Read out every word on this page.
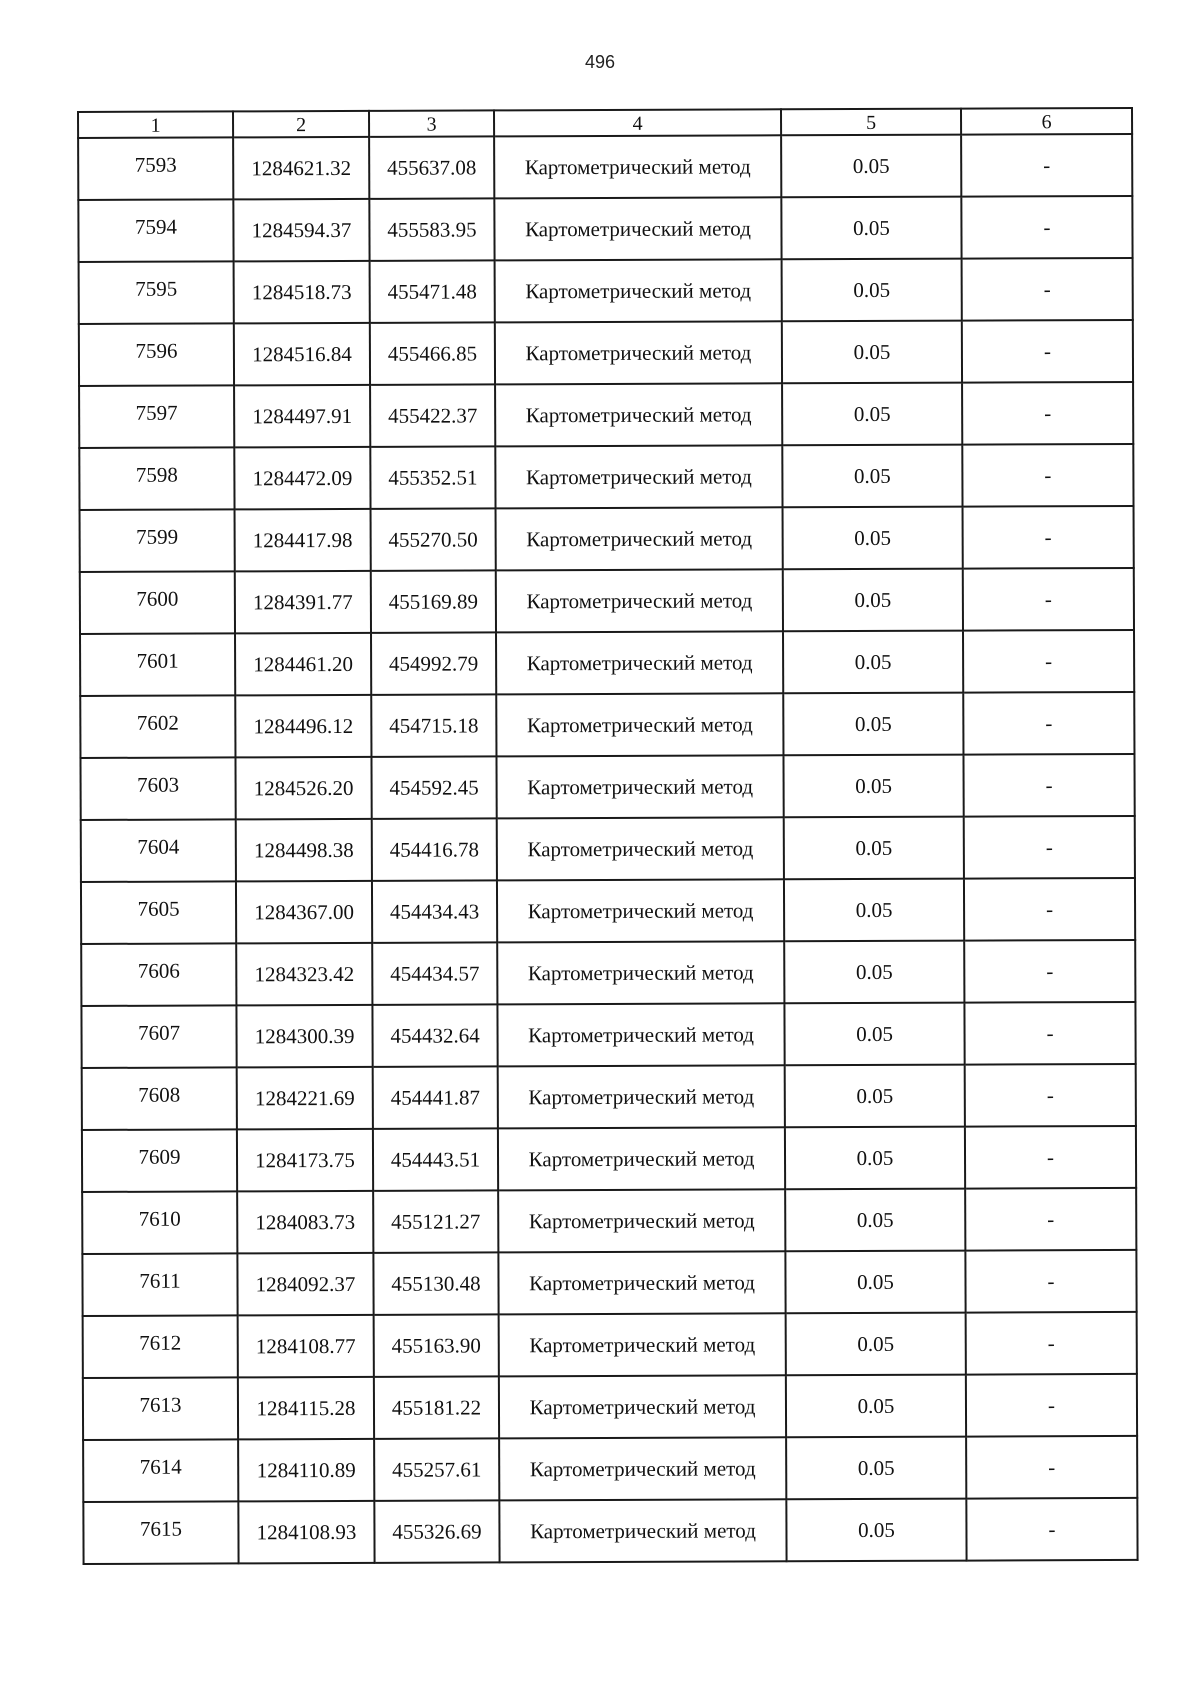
496
1	2	3	4	5	6
7593	1284621.32	455637.08	Картометрический метод	0.05	-
7594	1284594.37	455583.95	Картометрический метод	0.05	-
7595	1284518.73	455471.48	Картометрический метод	0.05	-
7596	1284516.84	455466.85	Картометрический метод	0.05	-
7597	1284497.91	455422.37	Картометрический метод	0.05	-
7598	1284472.09	455352.51	Картометрический метод	0.05	-
7599	1284417.98	455270.50	Картометрический метод	0.05	-
7600	1284391.77	455169.89	Картометрический метод	0.05	-
7601	1284461.20	454992.79	Картометрический метод	0.05	-
7602	1284496.12	454715.18	Картометрический метод	0.05	-
7603	1284526.20	454592.45	Картометрический метод	0.05	-
7604	1284498.38	454416.78	Картометрический метод	0.05	-
7605	1284367.00	454434.43	Картометрический метод	0.05	-
7606	1284323.42	454434.57	Картометрический метод	0.05	-
7607	1284300.39	454432.64	Картометрический метод	0.05	-
7608	1284221.69	454441.87	Картометрический метод	0.05	-
7609	1284173.75	454443.51	Картометрический метод	0.05	-
7610	1284083.73	455121.27	Картометрический метод	0.05	-
7611	1284092.37	455130.48	Картометрический метод	0.05	-
7612	1284108.77	455163.90	Картометрический метод	0.05	-
7613	1284115.28	455181.22	Картометрический метод	0.05	-
7614	1284110.89	455257.61	Картометрический метод	0.05	-
7615	1284108.93	455326.69	Картометрический метод	0.05	-
